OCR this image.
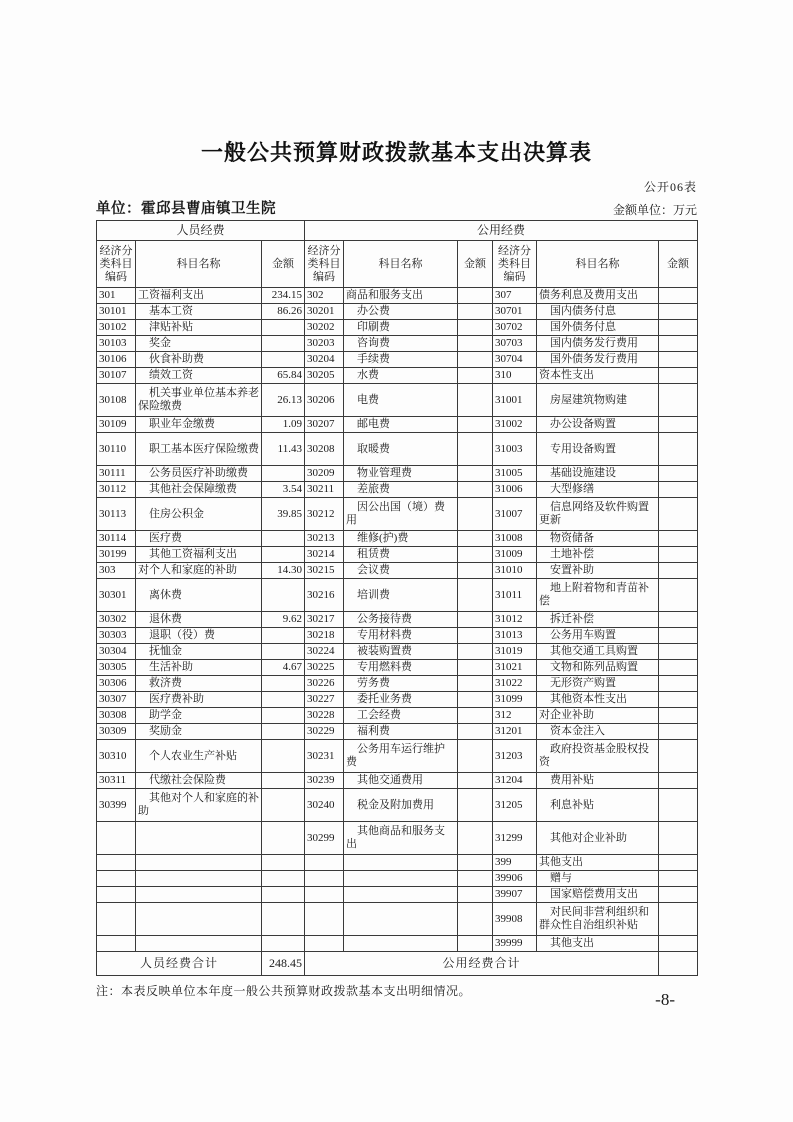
一般公共预算财政拨款基本支出决算表
公开06表
单位：霍邱县曹庙镇卫生院	金额单位：万元
人员经费			公用经费					
经济分类科目编码	科目名称	金额	经济分类科目编码	科目名称	金额	经济分类科目编码	科目名称	金额
301	工资福利支出	234.15	302	商品和服务支出		307	债务利息及费用支出	
30101	基本工资	86.26	30201	办公费		30701	国内债务付息	
30102	津贴补贴		30202	印刷费		30702	国外债务付息	
30103	奖金		30203	咨询费		30703	国内债务发行费用	
30106	伙食补助费		30204	手续费		30704	国外债务发行费用	
30107	绩效工资	65.84	30205	水费		310	资本性支出	
30108	机关事业单位基本养老保险缴费	26.13	30206	电费		31001	房屋建筑物购建	
30109	职业年金缴费	1.09	30207	邮电费		31002	办公设备购置	
30110	职工基本医疗保险缴费	11.43	30208	取暖费		31003	专用设备购置	
30111	公务员医疗补助缴费		30209	物业管理费		31005	基础设施建设	
30112	其他社会保障缴费	3.54	30211	差旅费		31006	大型修缮	
30113	住房公积金	39.85	30212	因公出国（境）费用		31007	信息网络及软件购置更新	
30114	医疗费		30213	维修(护)费		31008	物资储备	
30199	其他工资福利支出		30214	租赁费		31009	土地补偿	
303	对个人和家庭的补助	14.30	30215	会议费		31010	安置补助	
30301	离休费		30216	培训费		31011	地上附着物和青苗补偿	
30302	退休费	9.62	30217	公务接待费		31012	拆迁补偿	
30303	退职（役）费		30218	专用材料费		31013	公务用车购置	
30304	抚恤金		30224	被装购置费		31019	其他交通工具购置	
30305	生活补助	4.67	30225	专用燃料费		31021	文物和陈列品购置	
30306	救济费		30226	劳务费		31022	无形资产购置	
30307	医疗费补助		30227	委托业务费		31099	其他资本性支出	
30308	助学金		30228	工会经费		312	对企业补助	
30309	奖励金		30229	福利费		31201	资本金注入	
30310	个人农业生产补贴		30231	公务用车运行维护费		31203	政府投资基金股权投资	
30311	代缴社会保险费		30239	其他交通费用		31204	费用补贴	
30399	其他对个人和家庭的补助		30240	税金及附加费用		31205	利息补贴	
			30299	其他商品和服务支出		31299	其他对企业补助	
						399	其他支出	
						39906	赠与	
						39907	国家赔偿费用支出	
						39908	对民间非营利组织和群众性自治组织补贴	
						39999	其他支出	
人员经费合计		248.45	公用经费合计					
注：本表反映单位本年度一般公共预算财政拨款基本支出明细情况。	-8-
